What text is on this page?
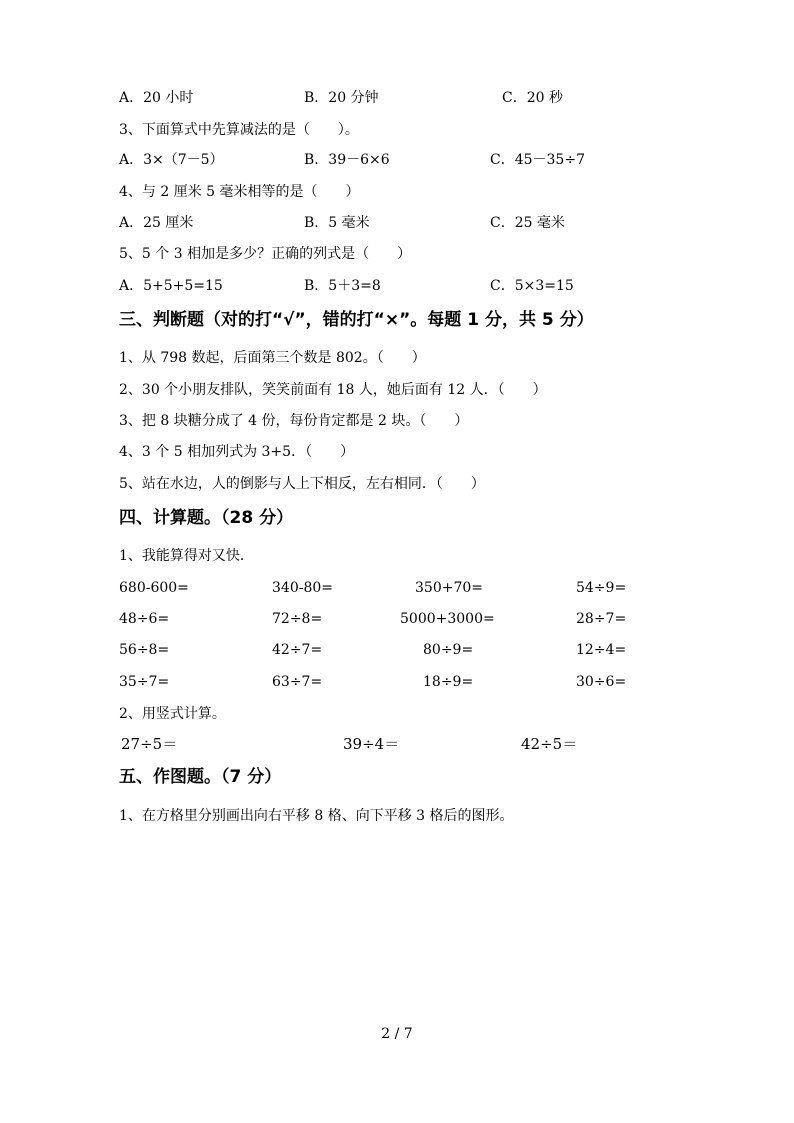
A．20 小时	B．20 分钟	C．20 秒
3、下面算式中先算减法的是（　　）。
A．3×（7－5）	B．39－6×6	C．45－35÷7
4、与 2 厘米 5 毫米相等的是（　　）
A．25 厘米	B．5 毫米	C．25 毫米
5、5 个 3 相加是多少？正确的列式是（　　）
A．5+5+5=15	B．5＋3=8	C．5×3=15
三、判断题（对的打“√”，错的打“×”。每题 1 分，共 5 分）
1、从 798 数起，后面第三个数是 802。（　　）
2、30 个小朋友排队，笑笑前面有 18 人，她后面有 12 人．（　　）
3、把 8 块糖分成了 4 份，每份肯定都是 2 块。（　　）
4、3 个 5 相加列式为 3+5．（　　）
5、站在水边，人的倒影与人上下相反，左右相同．（　　）
四、计算题。（28 分）
1、我能算得对又快．
680-600=	340-80=	350+70=	54÷9=
48÷6=	72÷8=	5000+3000=	28÷7=
56÷8=	42÷7=	80÷9=	12÷4=
35÷7=	63÷7=	18÷9=	30÷6=
2、用竖式计算。
27÷5＝	39÷4＝	42÷5＝
五、作图题。（7 分）
1、在方格里分别画出向右平移 8 格、向下平移 3 格后的图形。
2 / 7
